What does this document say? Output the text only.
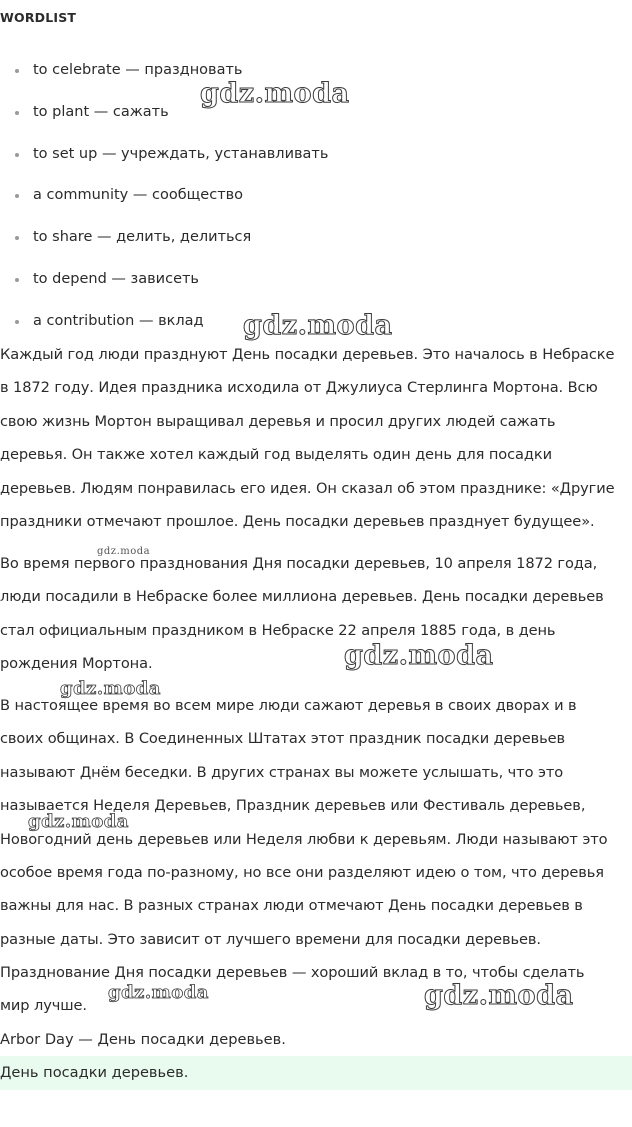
WORDLIST
to celebrate — праздновать
to plant — сажать
to set up — учреждать, устанавливать
a community — сообщество
to share — делить, делиться
to depend — зависеть
a contribution — вклад

Каждый год люди празднуют День посадки деревьев. Это началось в Небраске
в 1872 году. Идея праздника исходила от Джулиуса Стерлинга Мортона. Всю
свою жизнь Мортон выращивал деревья и просил других людей сажать
деревья. Он также хотел каждый год выделять один день для посадки
деревьев. Людям понравилась его идея. Он сказал об этом празднике: «Другие
праздники отмечают прошлое. День посадки деревьев празднует будущее».

Во время первого празднования Дня посадки деревьев, 10 апреля 1872 года,
люди посадили в Небраске более миллиона деревьев. День посадки деревьев
стал официальным праздником в Небраске 22 апреля 1885 года, в день
рождения Мортона.

В настоящее время во всем мире люди сажают деревья в своих дворах и в
своих общинах. В Соединенных Штатах этот праздник посадки деревьев
называют Днём беседки. В других странах вы можете услышать, что это
называется Неделя Деревьев, Праздник деревьев или Фестиваль деревьев,
Новогодний день деревьев или Неделя любви к деревьям. Люди называют это
особое время года по-разному, но все они разделяют идею о том, что деревья
важны для нас. В разных странах люди отмечают День посадки деревьев в
разные даты. Это зависит от лучшего времени для посадки деревьев.

Празднование Дня посадки деревьев — хороший вклад в то, чтобы сделать
мир лучше.

Arbor Day — День посадки деревьев.
День посадки деревьев.
gdz.moda
gdz.moda
gdz.moda
gdz.moda
gdz.moda
gdz.moda
gdz.moda	gdz.moda
